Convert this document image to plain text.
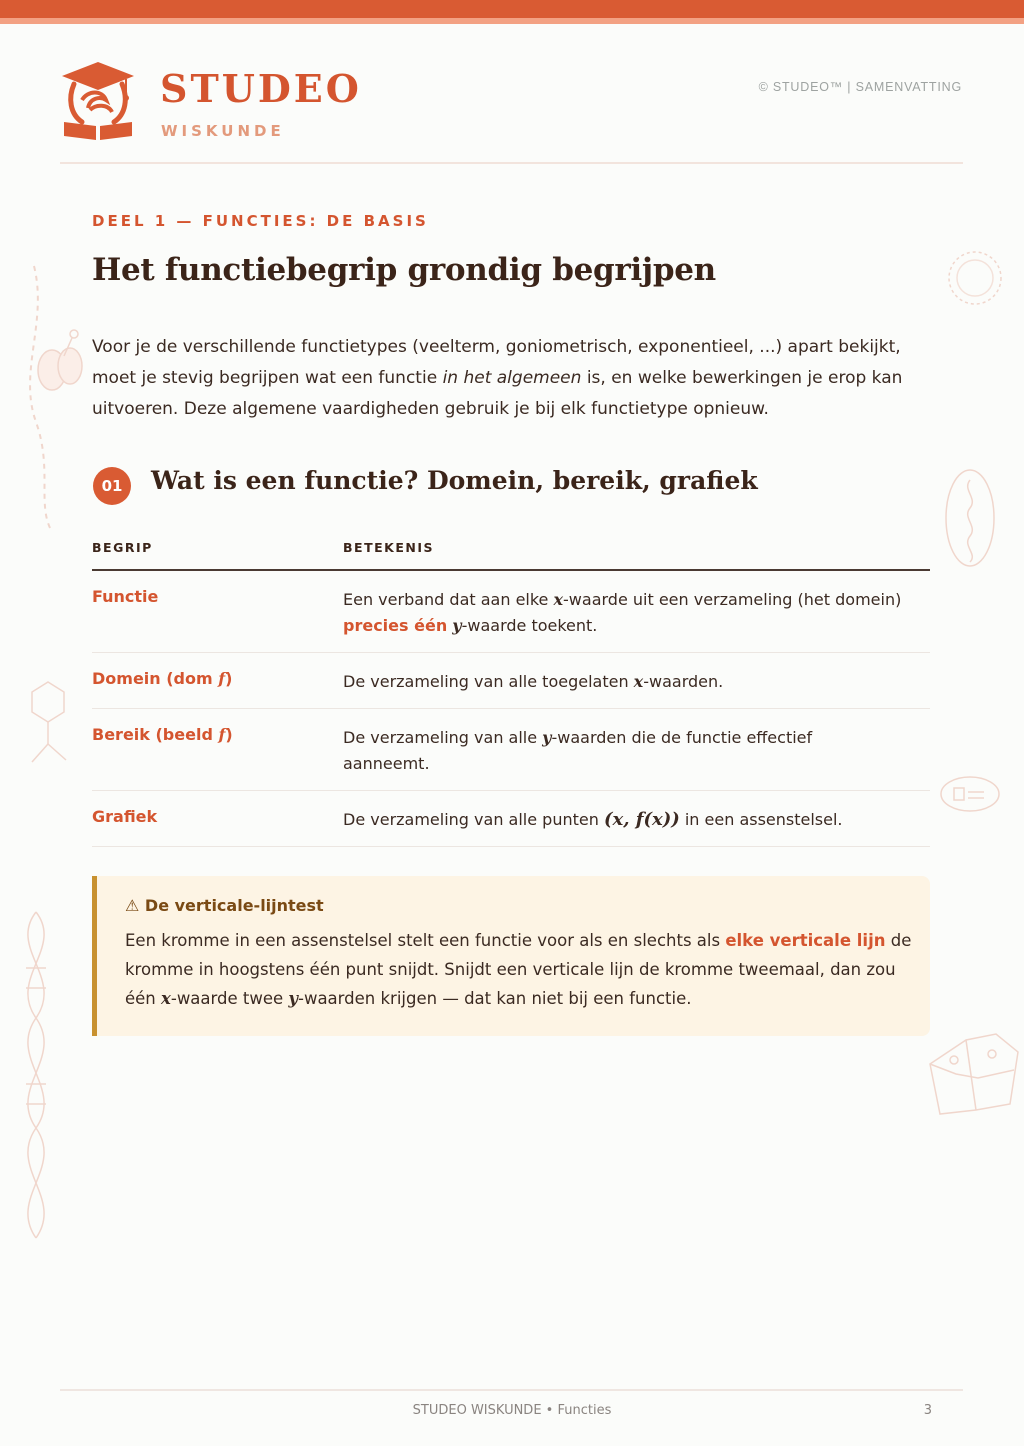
STUDEO
WISKUNDE
© STUDEO™ | SAMENVATTING
DEEL 1 — FUNCTIES: DE BASIS
Het functiebegrip grondig begrijpen

Voor je de verschillende functietypes (veelterm, goniometrisch, exponentieel, ...) apart bekijkt, moet je stevig begrijpen wat een functie in het algemeen is, en welke bewerkingen je erop kan uitvoeren. Deze algemene vaardigheden gebruik je bij elk functietype opnieuw.

01	Wat is een functie? Domein, bereik, grafiek
BEGRIP	BETEKENIS
Functie	Een verband dat aan elke x-waarde uit een verzameling (het domein) precies één y-waarde toekent.
Domein (dom f)	De verzameling van alle toegelaten x-waarden.
Bereik (beeld f)	De verzameling van alle y-waarden die de functie effectief aanneemt.
Grafiek	De verzameling van alle punten (x, f(x)) in een assenstelsel.
⚠ De verticale-lijntest

Een kromme in een assenstelsel stelt een functie voor als en slechts als elke verticale lijn de kromme in hoogstens één punt snijdt. Snijdt een verticale lijn de kromme tweemaal, dan zou één x-waarde twee y-waarden krijgen — dat kan niet bij een functie.

STUDEO WISKUNDE • Functies	3
